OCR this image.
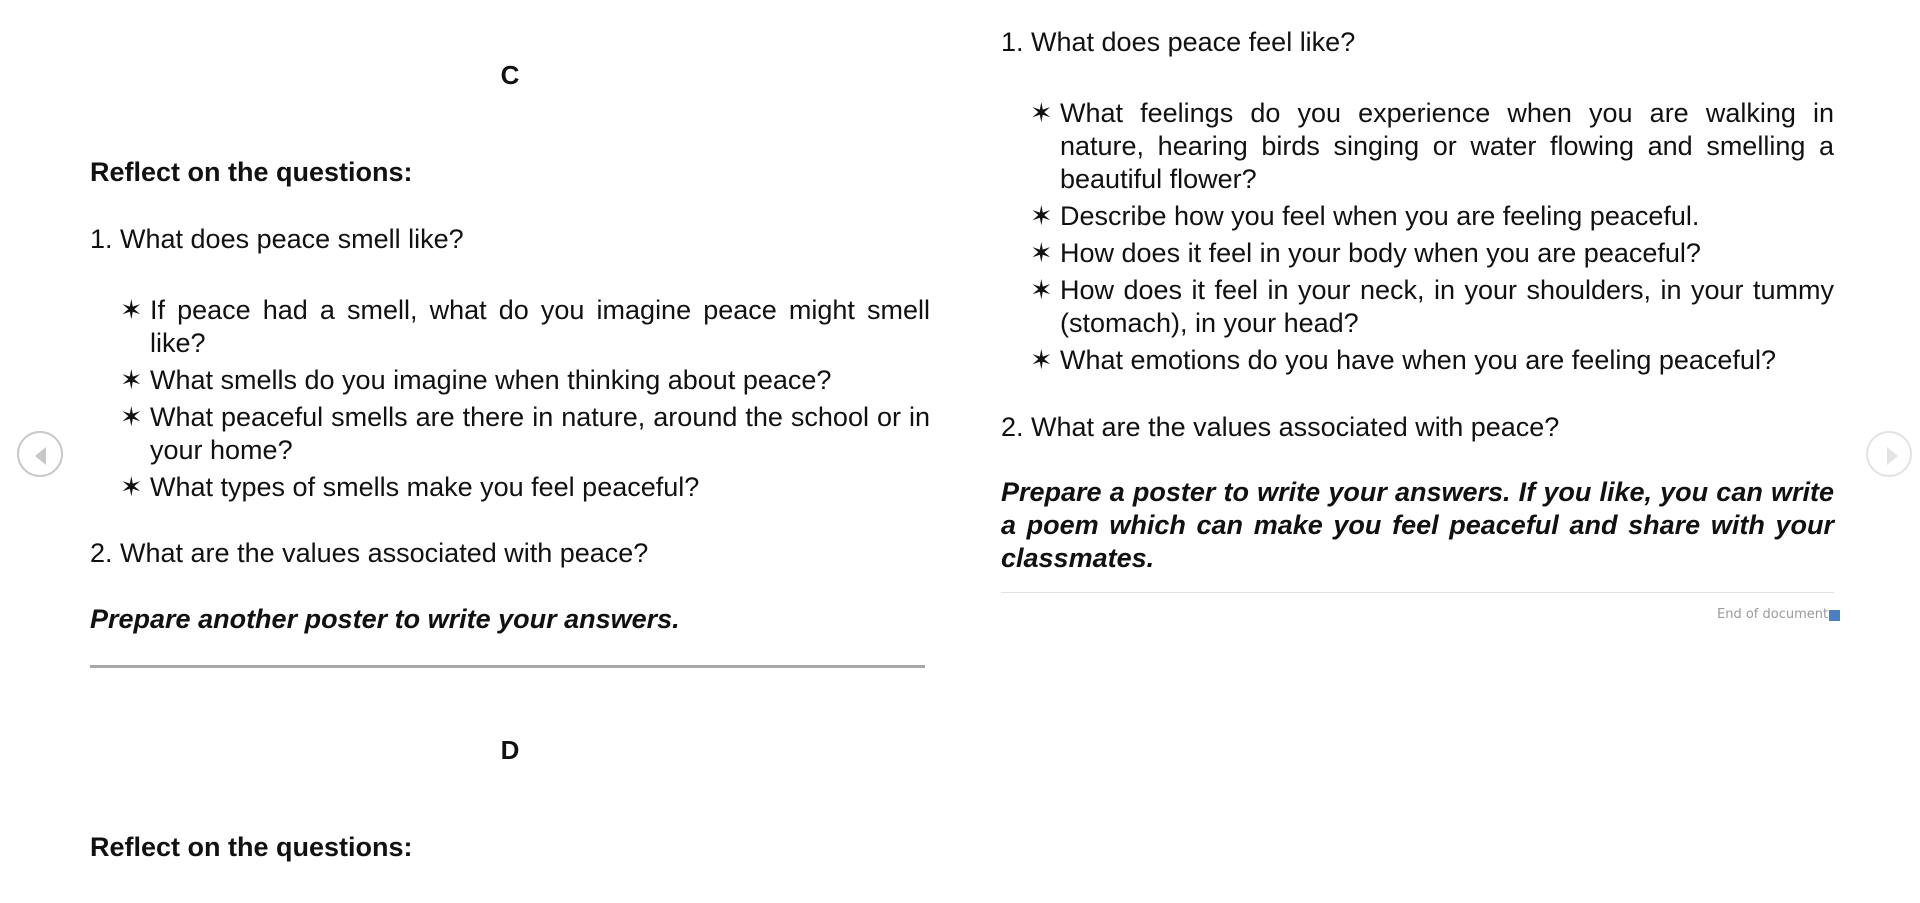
C
Reflect on the questions:
1. What does peace smell like?
✶ If peace had a smell, what do you imagine peace might smell like?
✶ What smells do you imagine when thinking about peace?
✶ What peaceful smells are there in nature, around the school or in your home?
✶ What types of smells make you feel peaceful?
2. What are the values associated with peace?
Prepare another poster to write your answers.
D
Reflect on the questions:
1. What does peace feel like?
✶ What feelings do you experience when you are walking in nature, hearing birds singing or water flowing and smelling a beautiful flower?
✶ Describe how you feel when you are feeling peaceful.
✶ How does it feel in your body when you are peaceful?
✶ How does it feel in your neck, in your shoulders, in your tummy (stomach), in your head?
✶ What emotions do you have when you are feeling peaceful?
2. What are the values associated with peace?
Prepare a poster to write your answers. If you like, you can write a poem which can make you feel peaceful and share with your classmates.
End of document
